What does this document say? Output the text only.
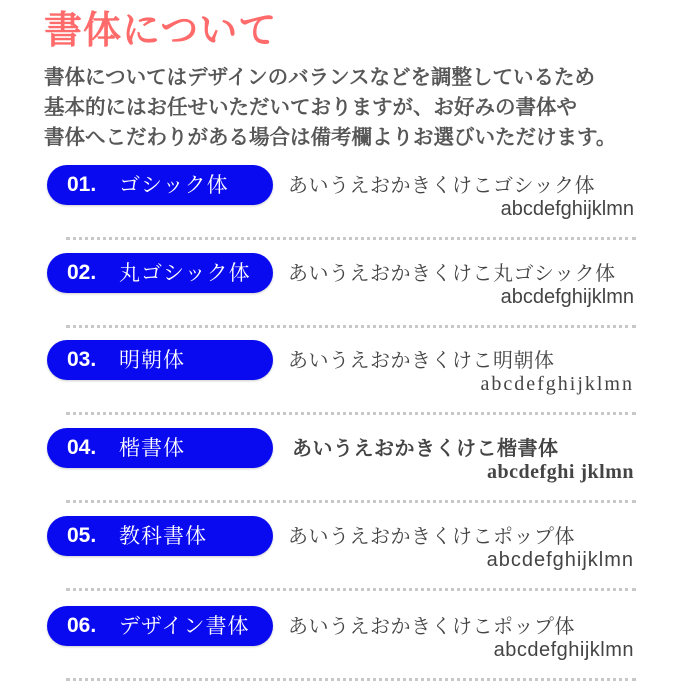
書体について
書体についてはデザインのバランスなどを調整しているため
基本的にはお任せいただいておりますが、お好みの書体や
書体へこだわりがある場合は備考欄よりお選びいただけます。
01. ゴシック体	あいうえおかきくけこゴシック体
abcdefghijklmn
02. 丸ゴシック体 あいうえおかきくけこ丸ゴシック体
abcdefghijklmn
03. 明朝体	あいうえおかきくけこ明朝体
abcdefghijklmn
04. 楷書体	あいうえおかきくけこ楷書体
abcdefghi jklmn
05. 教科書体	あいうえおかきくけこポップ体
abcdefghijklmn
06. デザイン書体 あいうえおかきくけこポップ体
abcdefghijklmn
